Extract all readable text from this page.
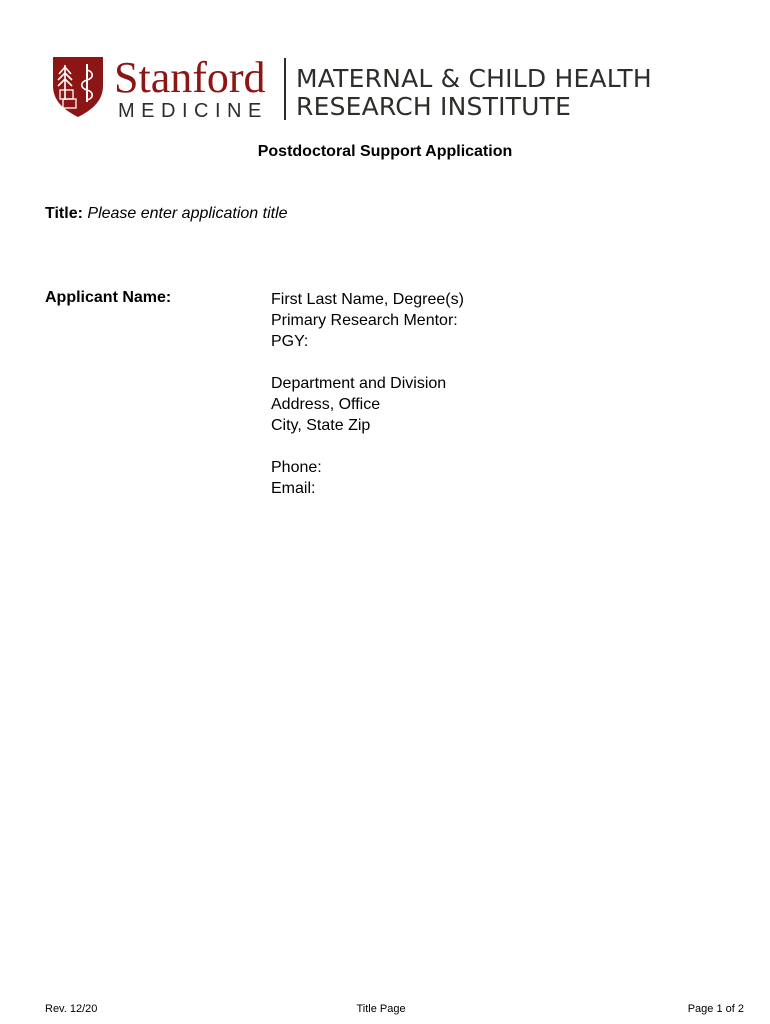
Stanford
MEDICINE
MATERNAL & CHILD HEALTH
RESEARCH INSTITUTE
Postdoctoral Support Application
Title: Please enter application title
Applicant Name:	First Last Name, Degree(s)
Primary Research Mentor:
PGY:
Department and Division
Address, Office
City, State Zip
Phone:
Email:
Rev. 12/20	Title Page	Page 1 of 2
